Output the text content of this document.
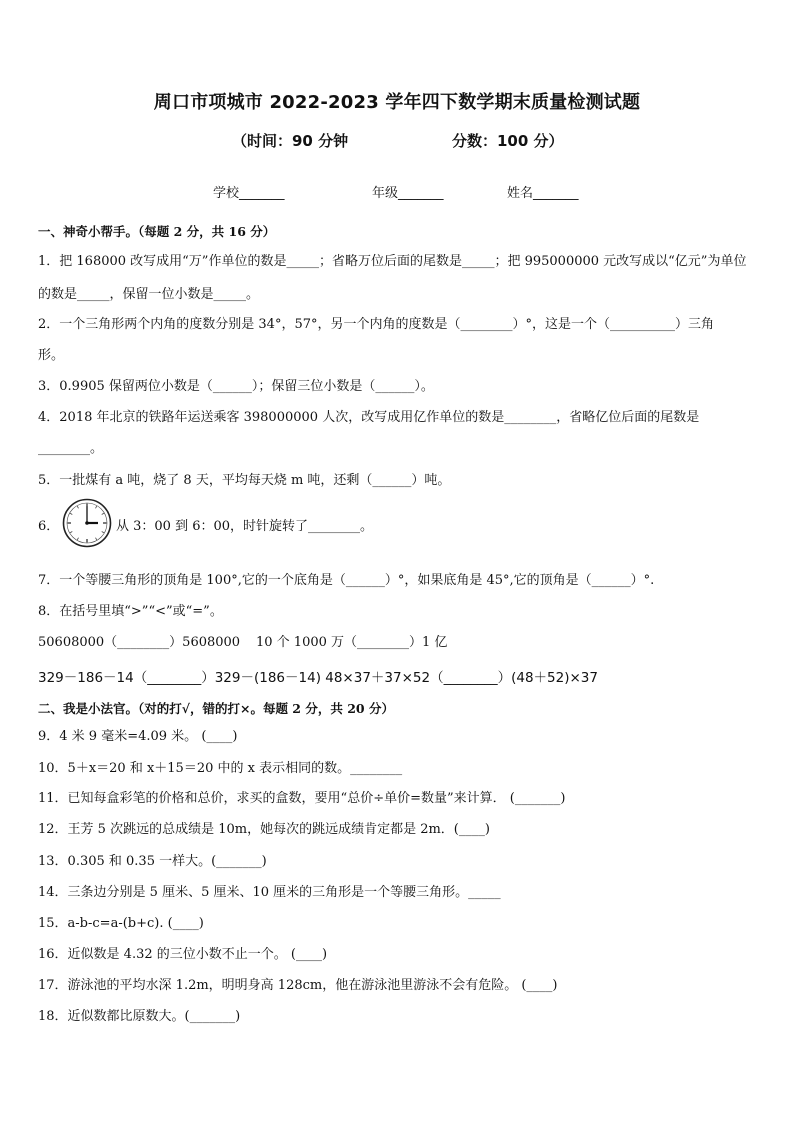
周口市项城市 2022-2023 学年四下数学期末质量检测试题
（时间：90 分钟	分数：100 分）
学校_______	年级_______	姓名_______
一、神奇小帮手。（每题 2 分，共 16 分）
1．把 168000 改写成用“万”作单位的数是_____；省略万位后面的尾数是_____；把 995000000 元改写成以“亿元”为单位
的数是_____，保留一位小数是_____。
2．一个三角形两个内角的度数分别是 34°，57°，另一个内角的度数是（________）°，这是一个（__________）三角
形。
3．0.9905 保留两位小数是（______）；保留三位小数是（______）。
4．2018 年北京的铁路年运送乘客 398000000 人次，改写成用亿作单位的数是________，省略亿位后面的尾数是
________。
5．一批煤有 a 吨，烧了 8 天，平均每天烧 m 吨，还剩（______）吨。
6．	从 3：00 到 6：00，时针旋转了________。
7．一个等腰三角形的顶角是 100°,它的一个底角是（______）°，如果底角是 45°,它的顶角是（______）°.
8．在括号里填“>”“<”或“=”。
50608000（________）5608000 10 个 1000 万（________）1 亿
329－186－14（________）329－(186－14) 48×37＋37×52（________）(48＋52)×37
二、我是小法官。（对的打√，错的打×。每题 2 分，共 20 分）
9．4 米 9 毫米=4.09 米。 (____)
10．5＋x＝20 和 x＋15＝20 中的 x 表示相同的数。________
11．已知每盒彩笔的价格和总价，求买的盒数，要用“总价÷单价=数量”来计算． (_______)
12．王芳 5 次跳远的总成绩是 10m，她每次的跳远成绩肯定都是 2m．(____)
13．0.305 和 0.35 一样大。(_______)
14．三条边分别是 5 厘米、5 厘米、10 厘米的三角形是一个等腰三角形。_____
15．a-b-c=a-(b+c). (____)
16．近似数是 4.32 的三位小数不止一个。 (____)
17．游泳池的平均水深 1.2m，明明身高 128cm，他在游泳池里游泳不会有危险。 (____)
18．近似数都比原数大。(_______)
